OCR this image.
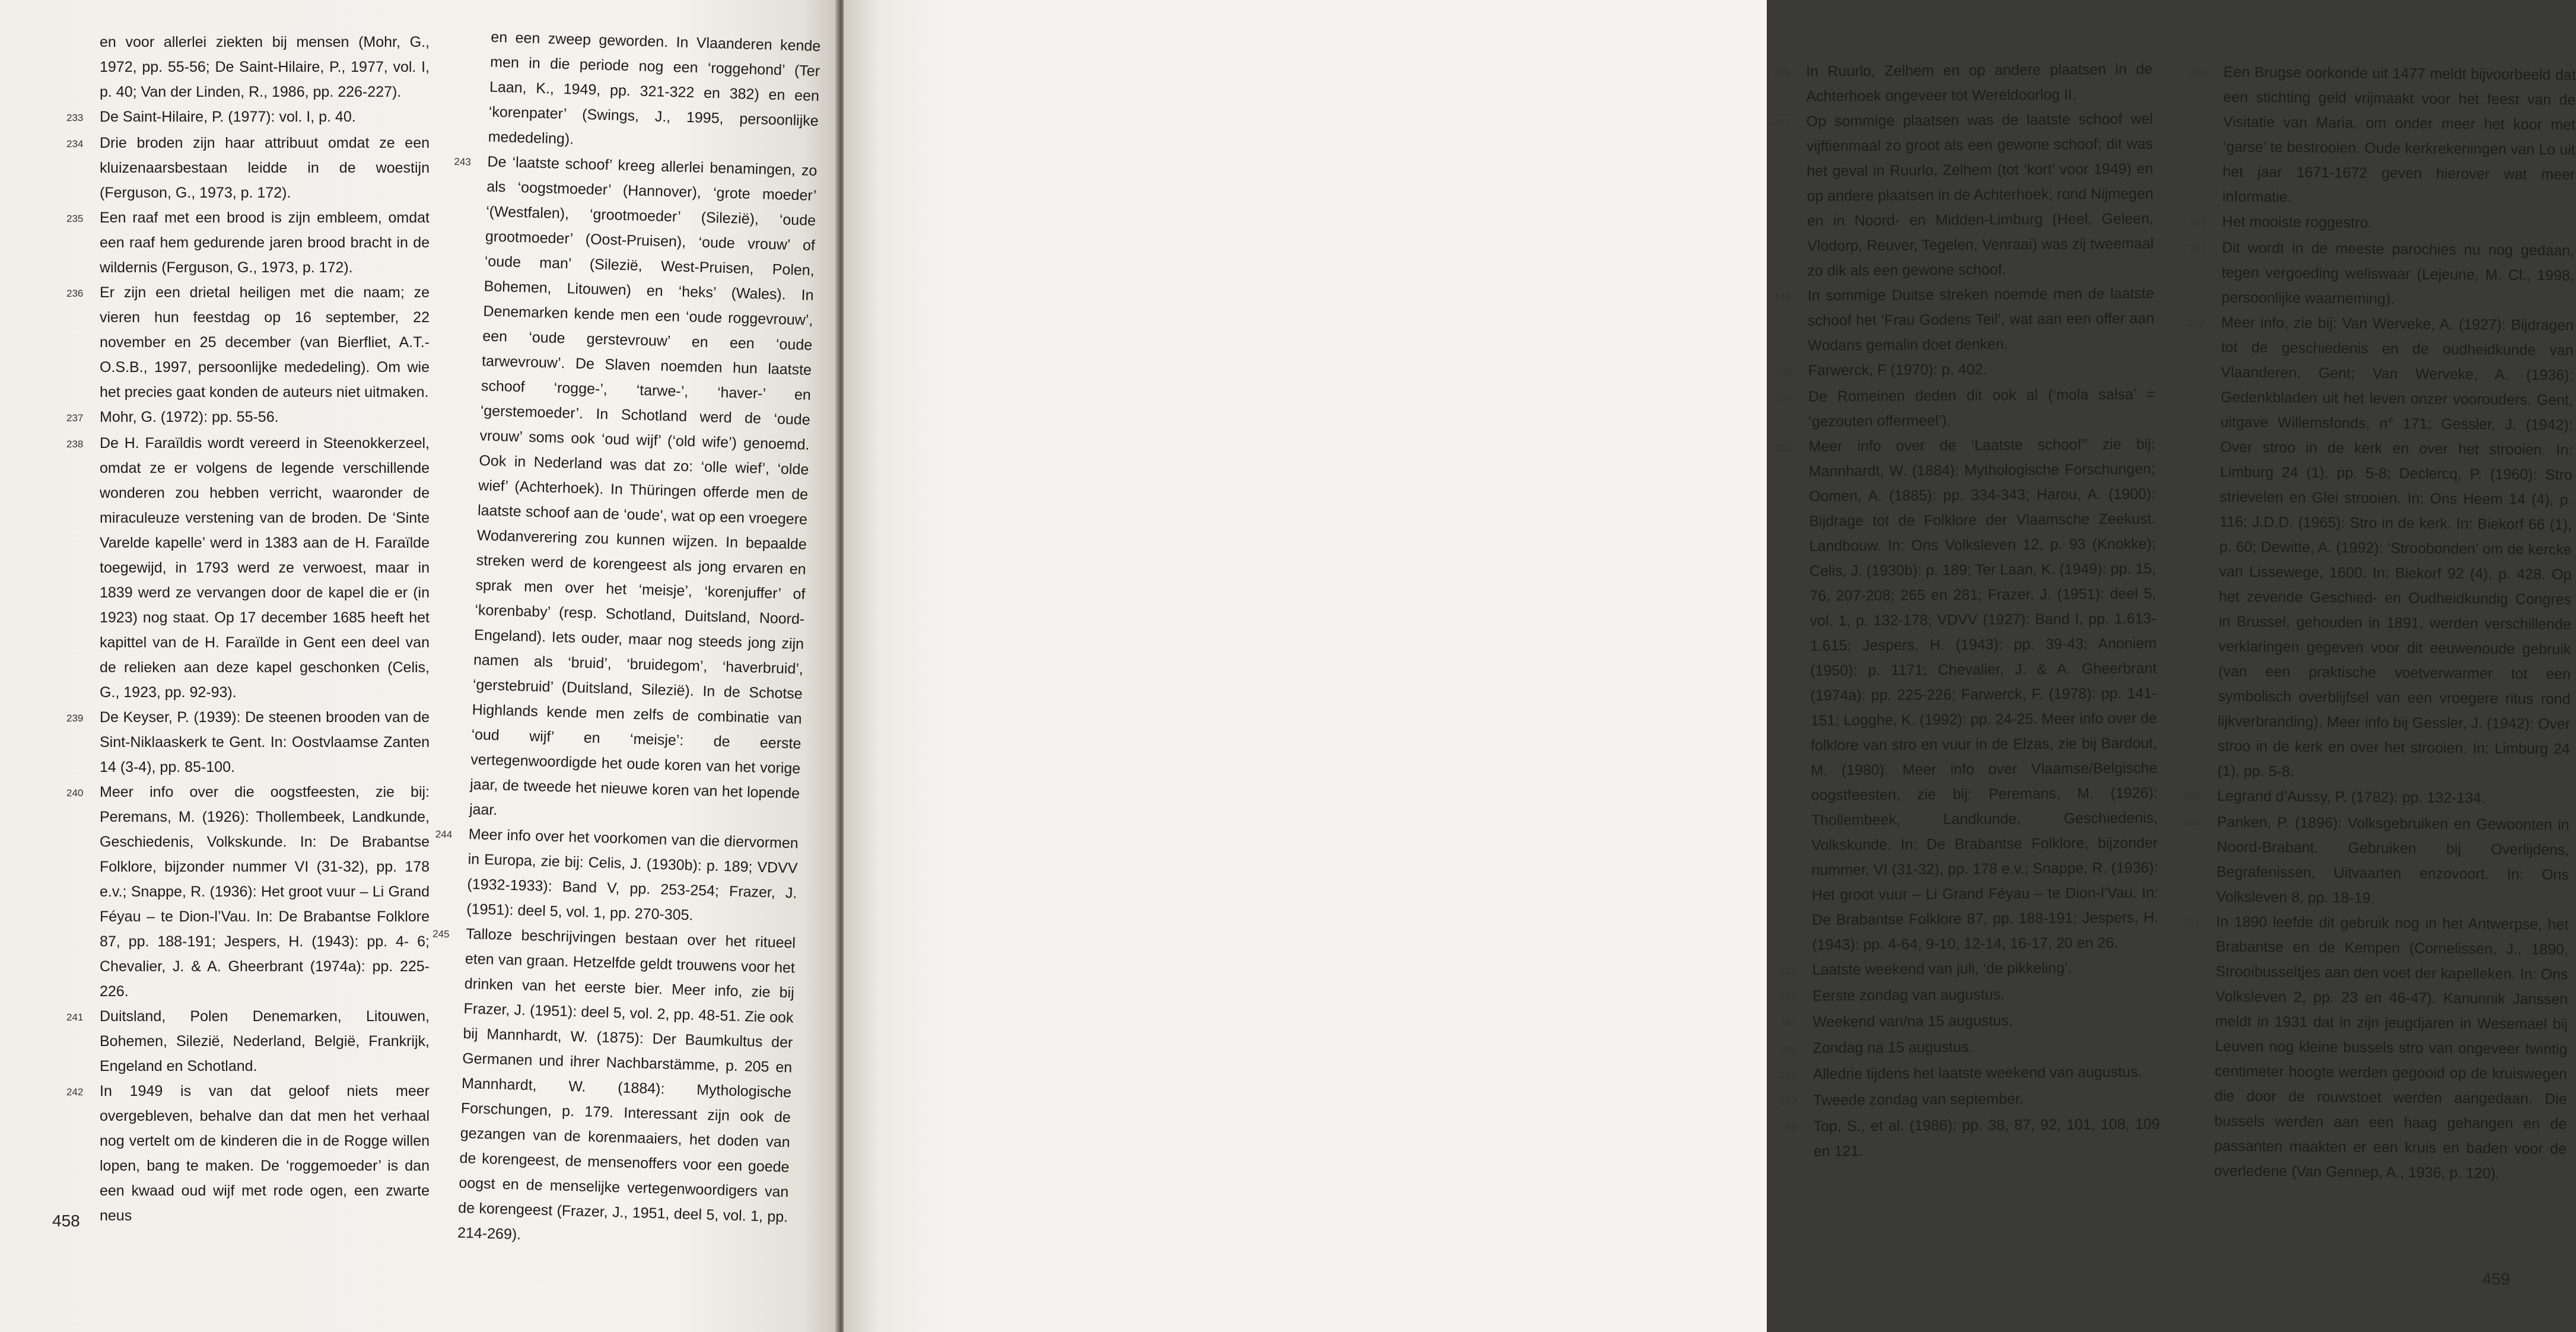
en voor allerlei ziekten bij mensen (Mohr, G., 1972, pp. 55-56; De Saint-Hilaire, P., 1977, vol. I, p. 40; Van der Linden, R., 1986, pp. 226-227).
233	De Saint-Hilaire, P. (1977): vol. I, p. 40.
234	Drie broden zijn haar attribuut omdat ze een kluizenaarsbestaan leidde in de woestijn (Ferguson, G., 1973, p. 172).
235	Een raaf met een brood is zijn embleem, omdat een raaf hem gedurende jaren brood bracht in de wildernis (Ferguson, G., 1973, p. 172).
236	Er zijn een drietal heiligen met die naam; ze vieren hun feestdag op 16 september, 22 november en 25 december (van Bierfliet, A.T.- O.S.B., 1997, persoonlijke mededeling). Om wie het precies gaat konden de auteurs niet uitmaken.
237	Mohr, G. (1972): pp. 55-56.
238	De H. Faraïldis wordt vereerd in Steenokkerzeel, omdat ze er volgens de legende verschillende wonderen zou hebben verricht, waaronder de miraculeuze verstening van de broden. De ‘Sinte Varelde kapelle’ werd in 1383 aan de H. Faraïlde toegewijd, in 1793 werd ze verwoest, maar in 1839 werd ze vervangen door de kapel die er (in 1923) nog staat. Op 17 december 1685 heeft het kapittel van de H. Faraïlde in Gent een deel van de relieken aan deze kapel geschonken (Celis, G., 1923, pp. 92-93).
239	De Keyser, P. (1939): De steenen brooden van de Sint-Niklaaskerk te Gent. In: Oostvlaamse Zanten 14 (3-4), pp. 85-100.
240	Meer info over die oogstfeesten, zie bij: Peremans, M. (1926): Thollembeek, Landkunde, Geschiedenis, Volkskunde. In: De Brabantse Folklore, bijzonder nummer VI (31-32), pp. 178 e.v.; Snappe, R. (1936): Het groot vuur – Li Grand Féyau – te Dion-l’Vau. In: De Brabantse Folklore 87, pp. 188-191; Jespers, H. (1943): pp. 4- 6; Chevalier, J. & A. Gheerbrant (1974a): pp. 225-226.
241	Duitsland, Polen Denemarken, Litouwen, Bohemen, Silezië, Nederland, België, Frankrijk, Engeland en Schotland.
242	In 1949 is van dat geloof niets meer overgebleven, behalve dan dat men het verhaal nog vertelt om de kinderen die in de Rogge willen lopen, bang te maken. De ‘roggemoeder’ is dan een kwaad oud wijf met rode ogen, een zwarte neus
en een zweep geworden. In Vlaanderen kende men in die periode nog een ‘roggehond’ (Ter Laan, K., 1949, pp. 321-322 en 382) en een ‘korenpater’ (Swings, J., 1995, persoonlijke mededeling).
243	De ‘laatste schoof’ kreeg allerlei benamingen, zo als ‘oogstmoeder’ (Hannover), ‘grote moeder’ ‘(Westfalen), ‘grootmoeder’ (Silezië), ‘oude grootmoeder’ (Oost-Pruisen), ‘oude vrouw’ of ‘oude man’ (Silezië, West-Pruisen, Polen, Bohemen, Litouwen) en ‘heks’ (Wales). In Denemarken kende men een ‘oude roggevrouw’, een ‘oude gerstevrouw’ en een ‘oude tarwevrouw’. De Slaven noemden hun laatste schoof ‘rogge-’, ‘tarwe-’, ‘haver-’ en ‘gerstemoeder’. In Schotland werd de ‘oude vrouw’ soms ook ‘oud wijf’ (‘old wife’) genoemd. Ook in Nederland was dat zo: ‘olle wief’, ‘olde wief’ (Achterhoek). In Thüringen offerde men de laatste schoof aan de ‘oude’, wat op een vroegere Wodanverering zou kunnen wijzen. In bepaalde streken werd de korengeest als jong ervaren en sprak men over het ‘meisje’, ‘korenjuffer’ of ‘korenbaby’ (resp. Schotland, Duitsland, Noord-Engeland). Iets ouder, maar nog steeds jong zijn namen als ‘bruid’, ‘bruidegom’, ‘haverbruid’, ‘gerstebruid’ (Duitsland, Silezië). In de Schotse Highlands kende men zelfs de combinatie van ‘oud wijf’ en ‘meisje’: de eerste vertegenwoordigde het oude koren van het vorige jaar, de tweede het nieuwe koren van het lopende jaar.
244	Meer info over het voorkomen van die diervormen in Europa, zie bij: Celis, J. (1930b): p. 189; VDVV (1932-1933): Band V, pp. 253-254; Frazer, J. (1951): deel 5, vol. 1, pp. 270-305.
245	Talloze beschrijvingen bestaan over het ritueel eten van graan. Hetzelfde geldt trouwens voor het drinken van het eerste bier. Meer info, zie bij Frazer, J. (1951): deel 5, vol. 2, pp. 48-51. Zie ook bij Mannhardt, W. (1875): Der Baumkultus der Germanen und ihrer Nachbarstämme, p. 205 en Mannhardt, W. (1884): Mythologische Forschungen, p. 179. Interessant zijn ook de gezangen van de korenmaaiers, het doden van de korengeest, de mensenoffers voor een goede oogst en de menselijke vertegenwoordigers van de korengeest (Frazer, J., 1951, deel 5, vol. 1, pp. 214-269).
458
246	In Ruurlo, Zelhem en op andere plaatsen in de Achterhoek ongeveer tot Wereldoorlog II.
247	Op sommige plaatsen was de laatste schoof wel vijftienmaal zo groot als een gewone schoof; dit was het geval in Ruurlo, Zelhem (tot ‘kort’ voor 1949) en op andere plaatsen in de Achterhoek; rond Nijmegen en in Noord- en Midden-Limburg (Heel, Geleen, Vlodorp, Reuver, Tegelen, Venraai) was zij tweemaal zo dik als een gewone schoof.
248	In sommige Duitse streken noemde men de laatste schoof het ‘Frau Godens Teil’, wat aan een offer aan Wodans gemalin doet denken.
249	Farwerck, F (1970): p. 402.
250	De Romeinen deden dit ook al (‘mola salsa’ = ‘gezouten offermeel’).
251	Meer info over de ‘Laatste schoof’’ zie bij: Mannhardt, W. (1884): Mythologische Forschungen; Oomen, A. (1885): pp. 334-343; Harou, A. (1900): Bijdrage tot de Folklore der Vlaamsche Zeekust. Landbouw. In: Ons Volksleven 12, p. 93 (Knokke); Celis, J. (1930b): p. 189; Ter Laan, K. (1949): pp. 15, 76, 207-208; 265 en 281; Frazer, J. (1951): deel 5, vol. 1, p. 132-178; VDVV (1927): Band I, pp. 1.613-1.615; Jespers, H. (1943): pp. 39-43; Anoniem (1950): p. 1171; Chevalier, J. & A. Gheerbrant (1974a): pp. 225-226; Farwerck, F. (1978): pp. 141-151; Logghe, K. (1992): pp. 24-25. Meer info over de folklore van stro en vuur in de Elzas, zie bij Bardout, M. (1980). Meer info over Vlaamse/Belgische oogstfeesten, zie bij: Peremans, M. (1926): Thollembeek, Landkunde, Geschiedenis, Volkskunde. In: De Brabantse Folklore, bijzonder nummer, VI (31-32), pp. 178 e.v.; Snappe, R. (1936): Het groot vuur – Li Grand Féyau – te Dion-l’Vau. In: De Brabantse Folklore 87, pp. 188-191; Jespers, H. (1943): pp. 4-64, 9-10, 12-14, 16-17, 20 en 26.
252	Laatste weekend van juli, ‘de pikkeling’.
253	Eerste zondag van augustus.
254	Weekend van/na 15 augustus.
255	Zondag na 15 augustus.
256	Alledrie tijdens het laatste weekend van augustus.
257	Tweede zondag van september.
258	Top, S., et al. (1986): pp. 38, 87, 92, 101, 108, 109 en 121.
259	Een Brugse oorkonde uit 1477 meldt bijvoorbeeld dat een stichting geld vrijmaakt voor het feest van de Visitatie van Maria, om onder meer het koor met ‘garse’ te bestrooien. Oude kerkrekeningen van Lo uit het jaar 1671-1672 geven hierover wat meer informatie.
260	Het mooiste roggestro.
261	Dit wordt in de meeste parochies nu nog gedaan, tegen vergoeding weliswaar (Lejeune, M. Cl., 1998, persoonlijke waarneming).
262	Meer info, zie bij: Van Werveke, A. (1927): Bijdragen tot de geschiedenis en de oudheidkunde van Vlaanderen. Gent; Van Werveke, A. (1936): Gedenkbladen uit het leven onzer voorouders. Gent, uitgave Willemsfonds, n° 171; Gessler, J. (1942): Over stroo in de kerk en over het strooien. In: Limburg 24 (1), pp. 5-8; Declercq, P. (1960): Stro strievelen en Glei strooien. In: Ons Heem 14 (4), p. 116; J.D.D. (1965): Stro in de kerk. In: Biekorf 66 (1), p. 60; Dewitte, A. (1992): ‘Stroobonden’ om de kercke van Lissewege, 1600. In: Biekorf 92 (4), p. 428. Op het zevende Geschied- en Oudheidkundig Congres in Brussel, gehouden in 1891, werden verschillende verklaringen gegeven voor dit eeuwenoude gebruik (van een praktische voetverwarmer tot een symbolisch overblijfsel van een vroegere ritus rond lijkverbranding). Meer info bij Gessler, J. (1942): Over stroo in de kerk en over het strooien. In: Limburg 24 (1), pp. 5-8.
263	Legrand d’Aussy, P. (1782): pp. 132-134.
264	Panken, P. (1896): Volksgebruiken en Gewoonten in Noord-Brabant. Gebruiken bij Overlijdens, Begrafenissen, Uitvaarten enzovoort. In: Ons Volksleven 8, pp. 18-19.
265	In 1890 leefde dit gebruik nog in het Antwerpse, het Brabantse en de Kempen (Cornelissen, J., 1890, Strooibusseltjes aan den voet der kapelleken. In: Ons Volksleven 2, pp. 23 en 46-47). Kanunnik Janssen meldt in 1931 dat in zijn jeugdjaren in Wesemael bij Leuven nog kleine bussels stro van ongeveer twintig centimeter hoogte werden gegooid op de kruiswegen die door de rouwstoet werden aangedaan. Die bussels werden aan een haag gehangen en de passanten maakten er een kruis en baden voor de overledene (Van Gennep, A., 1936, p. 120).
459
